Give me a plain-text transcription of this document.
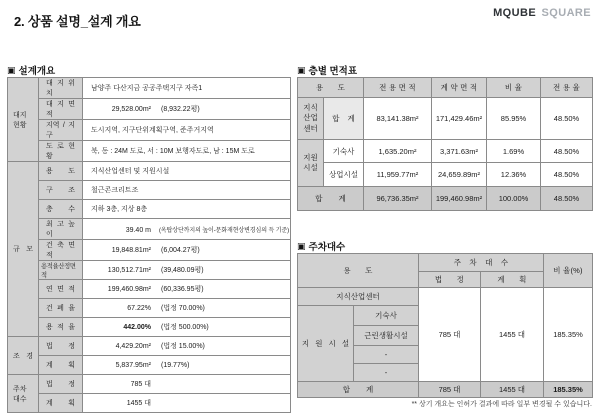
2. 상품 설명_설계 개요
MQUBE SQUARE
▣ 설계개요
대지현황	대 지 위 치	남양주 다산지금 공공주택지구 자족1
	대 지 면 적	29,528.00m² (8,932.22평)
	지역 / 지구	도시지역, 지구단위계획구역, 준주거지역
	도 로 현 황	북, 동 : 24M 도로, 서 : 10M 보행자도로, 남 : 15M 도로
규 모	용 도	지식산업센터 및 지원시설
	구 조	철근콘크리트조
	층 수	지하 3층, 지상 8층
	최 고 높 이	39.40 m (옥탑상단까지의 높이-문화재현상변경심의 득 기준)
	건 축 면 적	19,848.81m² (6,004.27평)
	용적율산정면적	130,512.71m² (39,480.09평)
	연 면 적	199,460.98m² (60,336.95평)
	건 폐 율	67.22% (법정 70.00%)
	용 적 율	442.00% (법정 500.00%)
조 경	법 정	4,429.20m² (법정 15.00%)
	계 획	5,837.95m² (19.77%)
주차대수	법 정	785 대
	계 획	1455 대
▣ 층별 면적표
용 도		전 용 면 적	계 약 면 적	비 율	전 용 율
지식산업센터	합 계	83,141.38m²	171,429.46m²	85.95%	48.50%
지원시설	기숙사	1,635.20m²	3,371.63m²	1.69%	48.50%
	상업시설	11,959.77m²	24,659.89m²	12.36%	48.50%
합 계		96,736.35m²	199,460.98m²	100.00%	48.50%
▣ 주차대수
용 도		주 차 대 수		비 율(%)
		법 정	계 획	
지식산업센터		785 대	1455 대	185.35%
지 원 시 설	기숙사			
	근린생활시설			
	-			
	-			
합 계		785 대	1455 대	185.35%
** 상기 개요는 인허가 결과에 따라 일부 변경될 수 있습니다.
